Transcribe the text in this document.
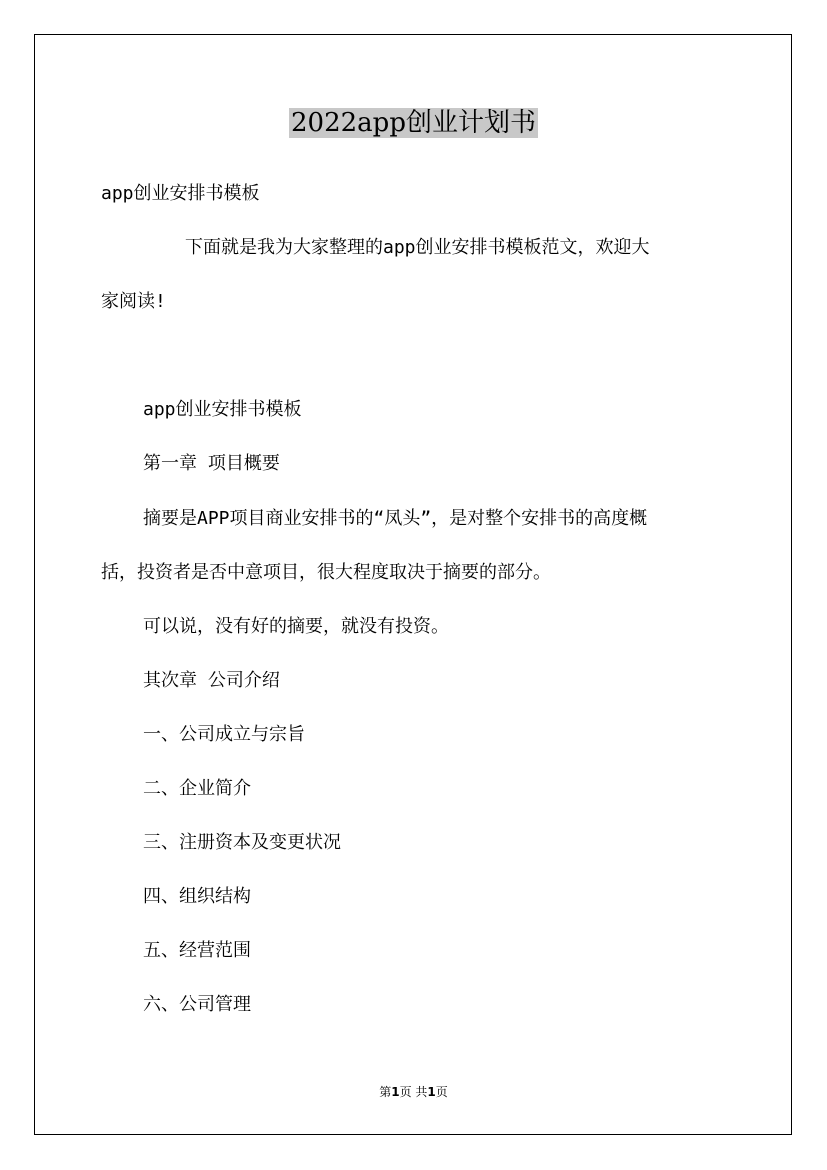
2022app创业计划书
app创业安排书模板
下面就是我为大家整理的app创业安排书模板范文，欢迎大
家阅读!
app创业安排书模板
第一章 项目概要
摘要是APP项目商业安排书的“凤头”，是对整个安排书的高度概
括，投资者是否中意项目，很大程度取决于摘要的部分。
可以说，没有好的摘要，就没有投资。
其次章 公司介绍
一、公司成立与宗旨
二、企业简介
三、注册资本及变更状况
四、组织结构
五、经营范围
六、公司管理
第1页 共1页
